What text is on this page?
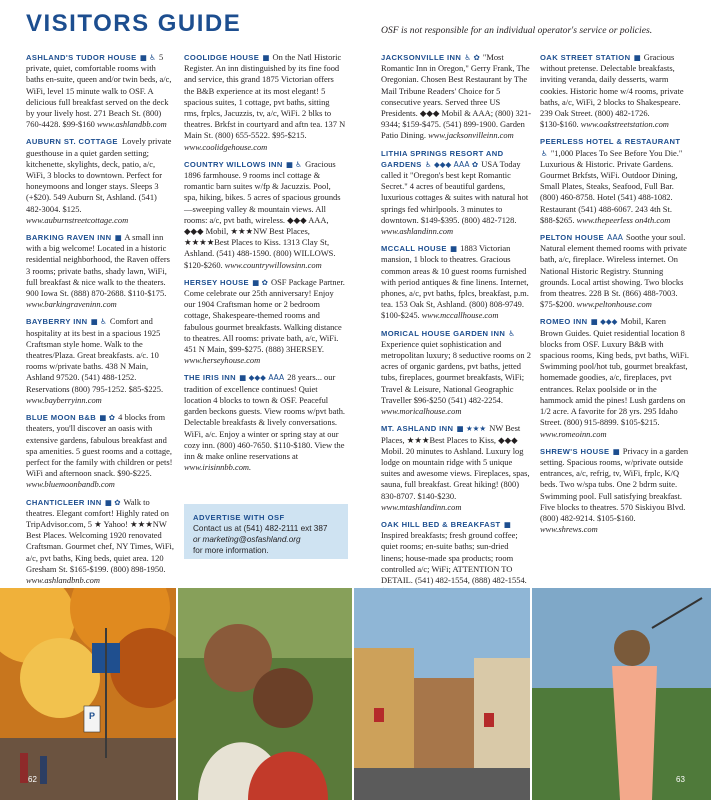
VISITORS GUIDE	OSF is not responsible for an individual operator's service or policies.
ASHLAND'S TUDOR HOUSE ■ ♿ 5 private, quiet, comfortable rooms with baths en-suite, queen and/or twin beds, a/c, WiFi, level 15 minute walk to OSF. A delicious full breakfast served on the deck by your lively host. 271 Beach St. (800) 760-4428. $99-$160 www.ashlandbb.com
AUBURN ST. COTTAGE Lovely private guesthouse in a quiet garden setting; kitchenette, skylights, deck, patio, a/c, WiFi, 3 blocks to downtown. Perfect for honeymoons and longer stays. Sleeps 3 (+$20). 549 Auburn St, Ashland. (541) 482-3004. $125. www.auburnstreetcottage.com
BARKING RAVEN INN ■ A small inn with a big welcome! Located in a historic residential neighborhood, the Raven offers 3 rooms; private baths, shady lawn, WiFi, full breakfast & nice walk to the theaters. 900 Iowa St. (888) 870-2688. $110-$175. www.barkingraveninn.com
BAYBERRY INN ■ ♿ Comfort and hospitality at its best in a spacious 1925 Craftsman style home. Walk to the theatres/Plaza. Great breakfasts. a/c. 10 rooms w/private baths. 438 N Main, Ashland 97520. (541) 488-1252. Reservations (800) 795-1252. $85-$225. www.bayberryinn.com
BLUE MOON B&B ■ ✿ 4 blocks from theaters, you'll discover an oasis with extensive gardens, fabulous breakfast and spa amenities. 5 guest rooms and a cottage, perfect for the family with children or pets! WiFi and afternoon snack. $90-$225. www.bluemoonbandb.com
CHANTICLEER INN ■ ✿ Walk to theatres. Elegant comfort! Highly rated on TripAdvisor.com, 5 ★ Yahoo! ★★★NW Best Places. Welcoming 1920 renovated Craftsman. Gourmet chef, NY Times, WiFi, a/c, pvt baths, King beds, quiet area. 120 Gresham St. $165-$199. (800) 898-1950. www.ashlandbnb.com
COOLIDGE HOUSE ■ On the Natl Historic Register. An inn distinguished by its fine food and service, this grand 1875 Victorian offers the B&B experience at its most elegant! 5 spacious suites, 1 cottage, pvt baths, sitting rms, frplcs, Jacuzzis, tv, a/c, WiFi. 2 blks to theatres. Brkfst in courtyard and aftn tea. 137 N Main St. (800) 655-5522. $95-$215. www.coolidgehouse.com
COUNTRY WILLOWS INN ■ ♿ Gracious 1896 farmhouse. 9 rooms incl cottage & romantic barn suites w/fp & Jacuzzis. Pool, spa, hiking, bikes. 5 acres of spacious grounds—sweeping valley & mountain views. All rooms: a/c, pvt bath, wireless. ◆◆◆ AAA, ◆◆◆ Mobil, ★★★NW Best Places, ★★★★Best Places to Kiss. 1313 Clay St, Ashland. (541) 488-1590. (800) WILLOWS. $120-$260. www.countrywillowsinn.com
HERSEY HOUSE ■ ✿ OSF Package Partner. Come celebrate our 25th anniversary! Enjoy our 1904 Craftsman home or 2 bedroom cottage, Shakespeare-themed rooms and fabulous gourmet breakfasts. Walking distance to theatres. All rooms: private bath, a/c, WiFi. 451 N Main, $99-$275. (888) 3HERSEY. www.herseyhouse.com
THE IRIS INN ■ ◆◆◆ AAA 28 years... our tradition of excellence continues! Quiet location 4 blocks to town & OSF. Peaceful garden beckons guests. View rooms w/pvt bath. Delectable breakfasts & lively conversations. WiFi, a/c. Enjoy a winter or spring stay at our cozy inn. (800) 460-7650. $110-$180. View the inn & make online reservations at www.irisinnbb.com.
JACKSONVILLE INN ♿ ✿ "Most Romantic Inn in Oregon," Gerry Frank, The Oregonian. Chosen Best Restaurant by The Mail Tribune Readers' Choice for 5 consecutive years. Served three US Presidents. ◆◆◆ Mobil & AAA; (800) 321-9344; $159-$475. (541) 899-1900. Garden Patio Dining. www.jacksonvilleinn.com
LITHIA SPRINGS RESORT AND GARDENS ♿ ◆◆◆ AAA ✿ USA Today called it "Oregon's best kept Romantic Secret." 4 acres of beautiful gardens, luxurious cottages & suites with natural hot springs fed whirlpools. 3 minutes to downtown. $149-$395. (800) 482-7128. www.ashlandinn.com
MCCALL HOUSE ■ 1883 Victorian mansion, 1 block to theatres. Gracious common areas & 10 guest rooms furnished with period antiques & fine linens. Internet, phones, a/c, pvt baths, fplcs, breakfast, p.m. tea. 153 Oak St, Ashland. (800) 808-9749. $100-$245. www.mccallhouse.com
MORICAL HOUSE GARDEN INN ♿ Experience quiet sophistication and metropolitan luxury; 8 seductive rooms on 2 acres of organic gardens, pvt baths, jetted tubs, fireplaces, gourmet breakfasts, WiFi; Travel & Leisure, National Geographic Traveller $96-$250 (541) 482-2254. www.moricalhouse.com
MT. ASHLAND INN ■ ★★★ NW Best Places, ★★★Best Places to Kiss, ◆◆◆ Mobil. 20 minutes to Ashland. Luxury log lodge on mountain ridge with 5 unique suites and awesome views. Fireplaces, spas, sauna, full breakfast. Great hiking! (800) 830-8707. $140-$230. www.mtashlandinn.com
OAK HILL BED & BREAKFAST ■ Inspired breakfasts; fresh ground coffee; quiet rooms; en-suite baths; sun-dried linens; house-made spa products; room controlled a/c; WiFi; ATTENTION TO DETAIL. (541) 482-1554, (888) 482-1554.
OAK STREET STATION ■ Gracious without pretense. Delectable breakfasts, inviting veranda, daily desserts, warm cookies. Historic home w/4 rooms, private baths, a/c, WiFi, 2 blocks to Shakespeare. 239 Oak Street. (800) 482-1726. $130-$160. www.oakstreetstation.com
PEERLESS HOTEL & RESTAURANT ♿ "1,000 Places To See Before You Die." Luxurious & Historic. Private Gardens. Gourmet Brkfsts, WiFi. Outdoor Dining, Small Plates, Steaks, Seafood, Full Bar. (800) 460-8758. Hotel (541) 488-1082. Restaurant (541) 488-6067. 243 4th St. $88-$265. www.thepeerless on4th.com
PELTON HOUSE AAA Soothe your soul. Natural element themed rooms with private bath, a/c, fireplace. Wireless internet. On National Historic Registry. Stunning grounds. Local artist showing. Two blocks from theatres. 228 B St. (866) 488-7003. $75-$200. www.peltonhouse.com
ROMEO INN ■ ◆◆◆ Mobil, Karen Brown Guides. Quiet residential location 8 blocks from OSF. Luxury B&B with spacious rooms, King beds, pvt baths, WiFi. Swimming pool/hot tub, gourmet breakfast, homemade goodies, a/c, fireplaces, pvt entrances. Relax poolside or in the hammock amid the pines! Lush gardens on 1/2 acre. A favorite for 28 yrs. 295 Idaho Street. (800) 915-8899. $105-$215. www.romeoinn.com
SHREW'S HOUSE ■ Privacy in a garden setting. Spacious rooms, w/private outside entrances, a/c, refrig, tv, WiFi, frplc, K/Q beds. Two w/spa tubs. One 2 bdrm suite. Swimming pool. Full satisfying breakfast. Five blocks to theatres. 570 Siskiyou Blvd. (800) 482-9214. $105-$160. www.shrews.com
ADVERTISE WITH OSF
Contact us at (541) 482-2111 ext 387
or marketing@osfashland.org
for more information.
P
62	63
